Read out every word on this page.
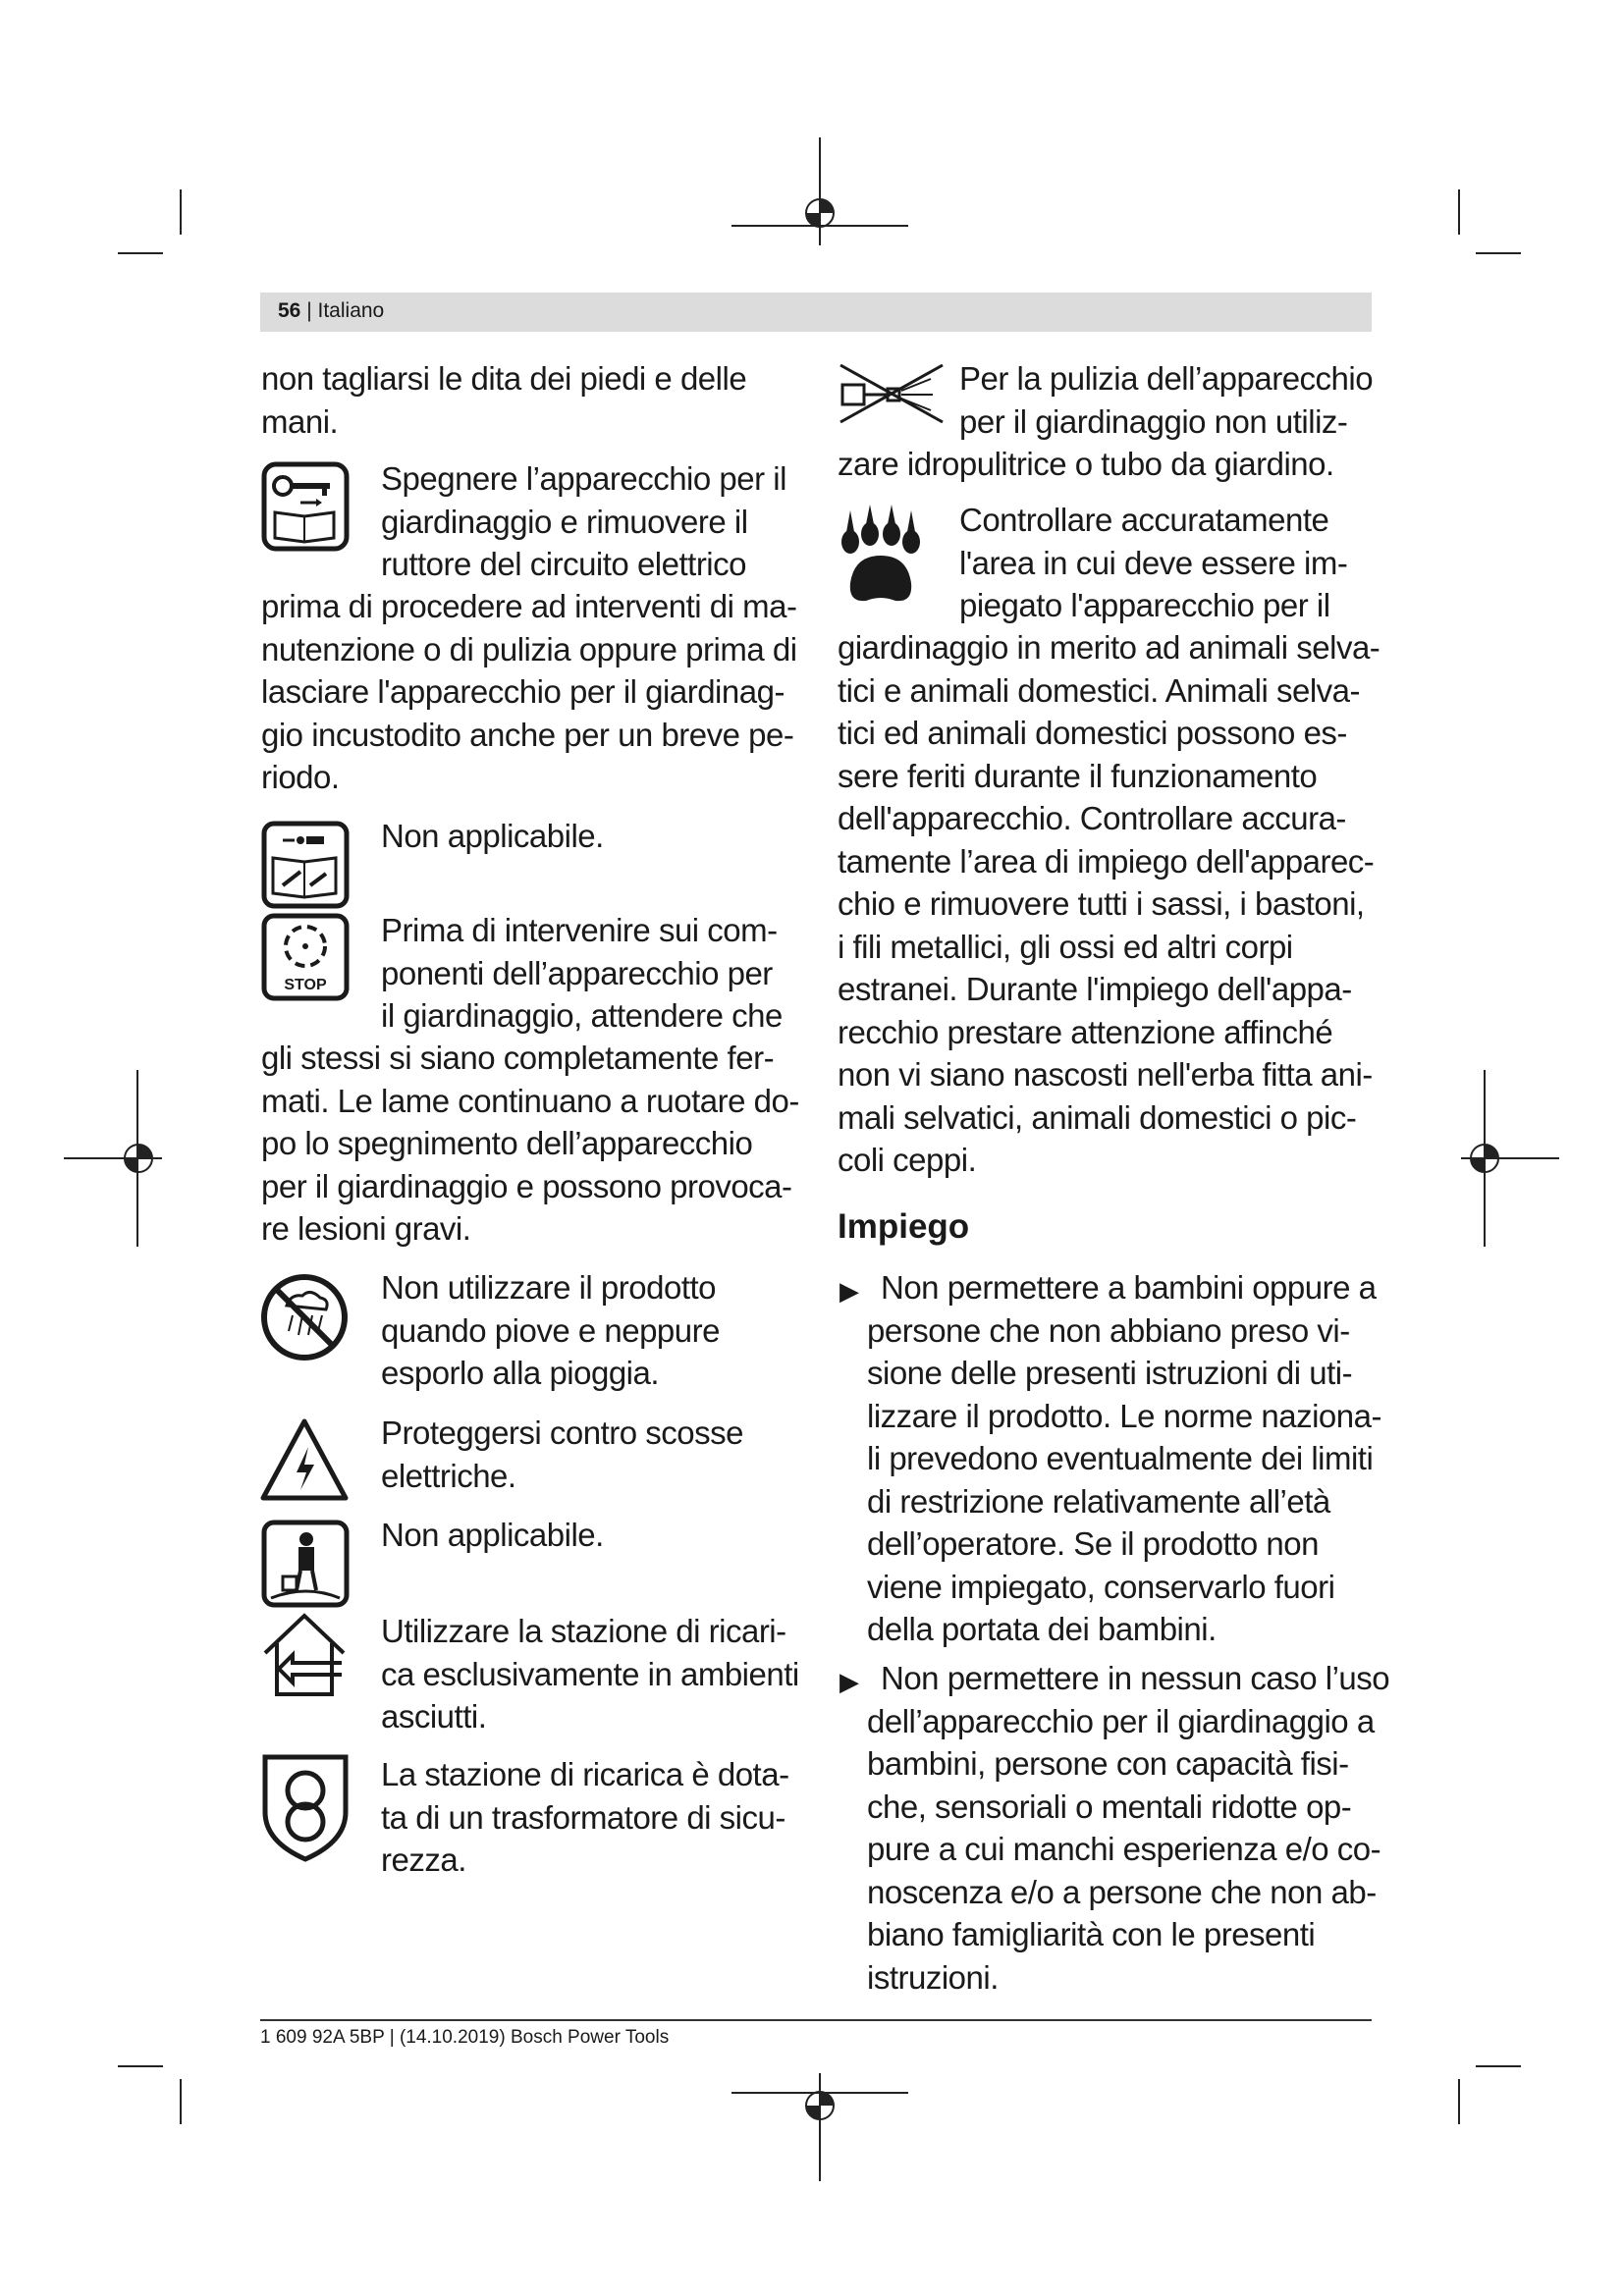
56 | Italiano
non tagliarsi le dita dei piedi e delle
mani.
Spegnere l’apparecchio per il
giardinaggio e rimuovere il
ruttore del circuito elettrico
prima di procedere ad interventi di ma-
nutenzione o di pulizia oppure prima di
lasciare l'apparecchio per il giardinag-
gio incustodito anche per un breve pe-
riodo.
Non applicabile.
STOP
Prima di intervenire sui com-
ponenti dell’apparecchio per
il giardinaggio, attendere che
gli stessi si siano completamente fer-
mati. Le lame continuano a ruotare do-
po lo spegnimento dell’apparecchio
per il giardinaggio e possono provoca-
re lesioni gravi.
Non utilizzare il prodotto
quando piove e neppure
esporlo alla pioggia.
Proteggersi contro scosse
elettriche.
Non applicabile.
Utilizzare la stazione di ricari-
ca esclusivamente in ambienti
asciutti.
La stazione di ricarica è dota-
ta di un trasformatore di sicu-
rezza.
Per la pulizia dell’apparecchio
per il giardinaggio non utiliz-
zare idropulitrice o tubo da giardino.
Controllare accuratamente
l'area in cui deve essere im-
piegato l'apparecchio per il
giardinaggio in merito ad animali selva-
tici e animali domestici. Animali selva-
tici ed animali domestici possono es-
sere feriti durante il funzionamento
dell'apparecchio. Controllare accura-
tamente l’area di impiego dell'apparec-
chio e rimuovere tutti i sassi, i bastoni,
i fili metallici, gli ossi ed altri corpi
estranei. Durante l'impiego dell'appa-
recchio prestare attenzione affinché
non vi siano nascosti nell'erba fitta ani-
mali selvatici, animali domestici o pic-
coli ceppi.
Impiego
▶ Non permettere a bambini oppure a
persone che non abbiano preso vi-
sione delle presenti istruzioni di uti-
lizzare il prodotto. Le norme naziona-
li prevedono eventualmente dei limiti
di restrizione relativamente all’età
dell’operatore. Se il prodotto non
viene impiegato, conservarlo fuori
della portata dei bambini.
▶ Non permettere in nessun caso l’uso
dell’apparecchio per il giardinaggio a
bambini, persone con capacità fisi-
che, sensoriali o mentali ridotte op-
pure a cui manchi esperienza e/o co-
noscenza e/o a persone che non ab-
biano famigliarità con le presenti
istruzioni.
1 609 92A 5BP | (14.10.2019) Bosch Power Tools
